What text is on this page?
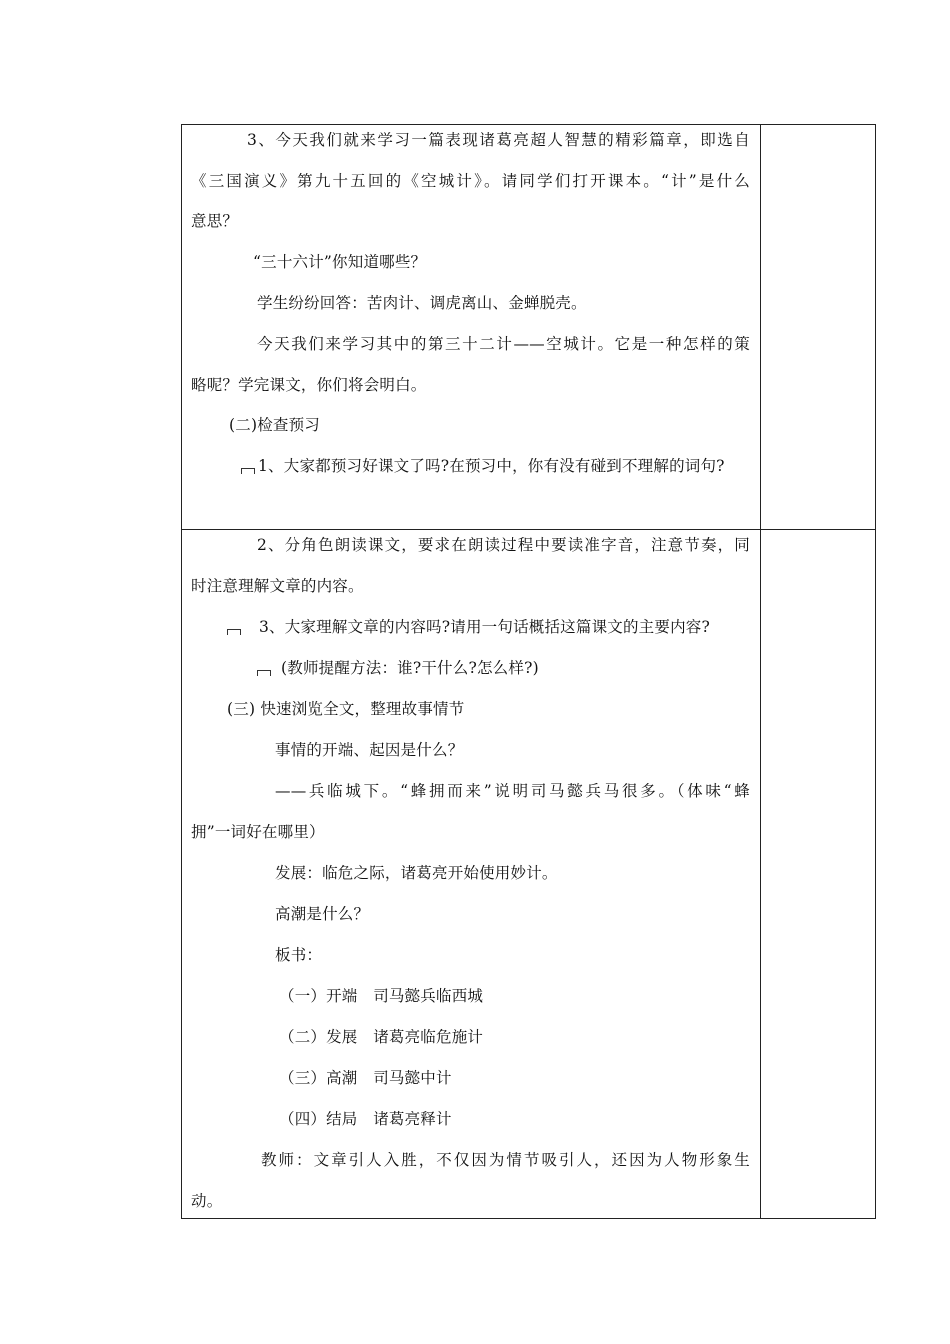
3、今天我们就来学习一篇表现诸葛亮超人智慧的精彩篇章，即选自
《三国演义》第九十五回的《空城计》。请同学们打开课本。“计”是什么
意思？
“三十六计”你知道哪些？
学生纷纷回答：苦肉计、调虎离山、金蝉脱壳。
今天我们来学习其中的第三十二计——空城计。它是一种怎样的策
略呢？学完课文，你们将会明白。
(二)检查预习
1、大家都预习好课文了吗?在预习中，你有没有碰到不理解的词句?
2、分角色朗读课文，要求在朗读过程中要读准字音，注意节奏，同
时注意理解文章的内容。
3、大家理解文章的内容吗?请用一句话概括这篇课文的主要内容?
(教师提醒方法：谁?干什么?怎么样?)
(三) 快速浏览全文，整理故事情节
事情的开端、起因是什么？
——兵临城下。“蜂拥而来”说明司马懿兵马很多。（体味“蜂
拥”一词好在哪里）
发展：临危之际，诸葛亮开始使用妙计。
高潮是什么？
板书：
（一）开端　司马懿兵临西城
（二）发展　诸葛亮临危施计
（三）高潮　司马懿中计
（四）结局　诸葛亮释计
教师：文章引人入胜，不仅因为情节吸引人，还因为人物形象生
动。
